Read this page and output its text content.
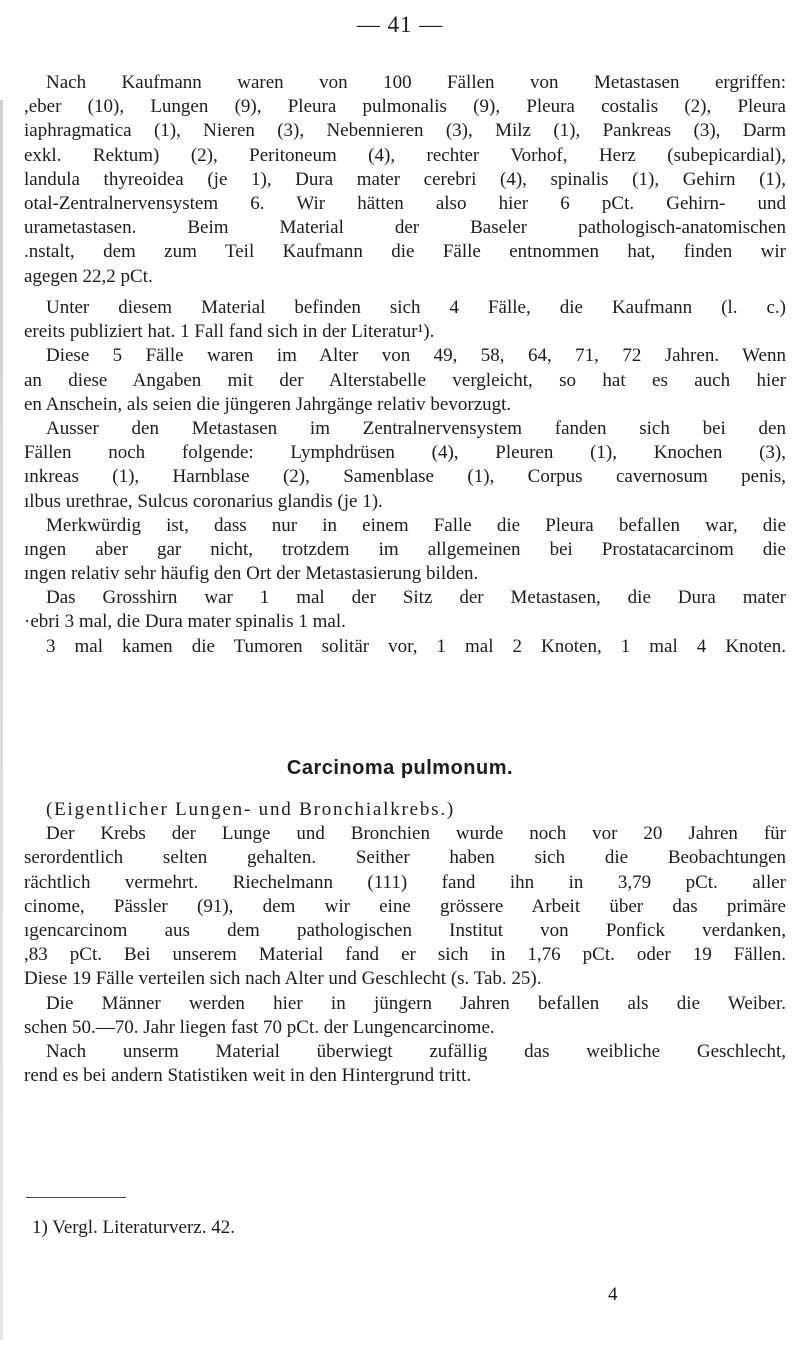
— 41 —
Nach Kaufmann waren von 100 Fällen von Metastasen ergriffen:
,eber (10), Lungen (9), Pleura pulmonalis (9), Pleura costalis (2), Pleura
iaphragmatica (1), Nieren (3), Nebennieren (3), Milz (1), Pankreas (3), Darm
exkl. Rektum) (2), Peritoneum (4), rechter Vorhof, Herz (subepicardial),
landula thyreoidea (je 1), Dura mater cerebri (4), spinalis (1), Gehirn (1),
otal-Zentralnervensystem 6. Wir hätten also hier 6 pCt. Gehirn- und
urametastasen. Beim Material der Baseler pathologisch-anatomischen
.nstalt, dem zum Teil Kaufmann die Fälle entnommen hat, finden wir
agegen 22,2 pCt.
Unter diesem Material befinden sich 4 Fälle, die Kaufmann (l. c.)
ereits publiziert hat. 1 Fall fand sich in der Literatur¹).
Diese 5 Fälle waren im Alter von 49, 58, 64, 71, 72 Jahren. Wenn
an diese Angaben mit der Alterstabelle vergleicht, so hat es auch hier
en Anschein, als seien die jüngeren Jahrgänge relativ bevorzugt.
Ausser den Metastasen im Zentralnervensystem fanden sich bei den
Fällen noch folgende: Lymphdrüsen (4), Pleuren (1), Knochen (3),
ınkreas (1), Harnblase (2), Samenblase (1), Corpus cavernosum penis,
ılbus urethrae, Sulcus coronarius glandis (je 1).
Merkwürdig ist, dass nur in einem Falle die Pleura befallen war, die
ıngen aber gar nicht, trotzdem im allgemeinen bei Prostatacarcinom die
ıngen relativ sehr häufig den Ort der Metastasierung bilden.
Das Grosshirn war 1 mal der Sitz der Metastasen, die Dura mater
·ebri 3 mal, die Dura mater spinalis 1 mal.
3 mal kamen die Tumoren solitär vor, 1 mal 2 Knoten, 1 mal 4 Knoten.
Carcinoma pulmonum.
(Eigentlicher Lungen- und Bronchialkrebs.)
Der Krebs der Lunge und Bronchien wurde noch vor 20 Jahren für
serordentlich selten gehalten. Seither haben sich die Beobachtungen
rächtlich vermehrt. Riechelmann (111) fand ihn in 3,79 pCt. aller
cinome, Pässler (91), dem wir eine grössere Arbeit über das primäre
ıgencarcinom aus dem pathologischen Institut von Ponfick verdanken,
,83 pCt. Bei unserem Material fand er sich in 1,76 pCt. oder 19 Fällen.
Diese 19 Fälle verteilen sich nach Alter und Geschlecht (s. Tab. 25).
Die Männer werden hier in jüngern Jahren befallen als die Weiber.
schen 50.—70. Jahr liegen fast 70 pCt. der Lungencarcinome.
Nach unserm Material überwiegt zufällig das weibliche Geschlecht,
rend es bei andern Statistiken weit in den Hintergrund tritt.
1) Vergl. Literaturverz. 42.
4
